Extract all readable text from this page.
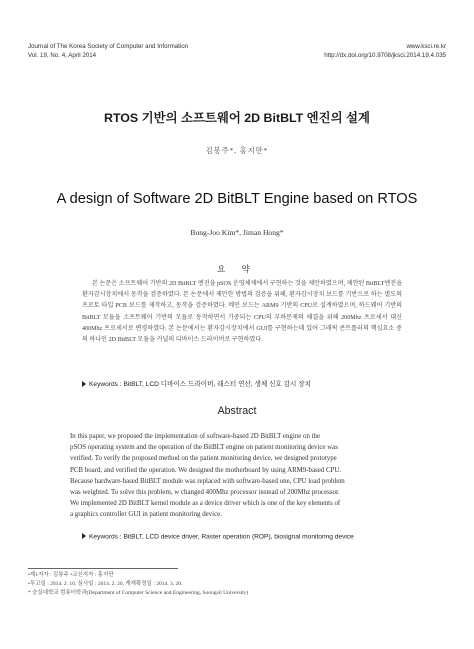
Journal of The Korea Society of Computer and Information
Vol. 19, No. 4, April 2014
www.ksci.re.kr
http://dx.doi.org/10.9708/jksci.2014.19.4.035
RTOS 기반의 소프트웨어 2D BitBLT 엔진의 설계
김봉주*, 홍지만*
A design of Software 2D BitBLT Engine based on RTOS
Bong-Joo Kim*, Jiman Hong*
요 약
본 논문은 소프트웨어 기반의 2D BitBLT 엔진을 pSOS 운영체제에서 구현하는 것을 제안하였으며, 제안된 BitBLT엔진을 환자감시장치에서 동작을 검증하였다. 본 논문에서 제안한 방법의 검증을 위해, 환자감시장치 보드를 기반으로 하는 별도의 프로토 타입 PCB 보드를 제작하고, 동작을 검증하였다. 메인 보드는 ARM9 기반의 CPU로 설계하였으며, 하드웨어 기반의 BitBLT 모듈을 소프트웨어 기반의 모듈로 동작하면서 가중되는 CPU의 부하문제의 해결을 위해 200Mhz 프로세서 대신 400Mhz 프로세서로 변경하였다. 본 논문에서는 환자감시장치에서 GUI를 구현하는데 있어 그래픽 콘트롤러의 핵심요소 중의 하나인 2D BitBLT 모듈을 커널의 디바이스 드라이버로 구현하였다.
Keywords : BitBLT, LCD 디바이스 드라이버, 래스터 연산, 생체 신호 감시 장치
Abstract
In this paper, we proposed the implementation of software-based 2D BitBLT engine on the
pSOS operating system and the operation of the BitBLT engine on patient monitoring device was
verified. To verify the proposed method on the patient monitoring device, we designed prototype
PCB board, and verified the operation. We designed the motherboard by using ARM9-based CPU.
Because hardware-based BitBLT module was replaced with software-based one, CPU load problem
was weighted. To solve this problem, w changed 400Mhz processor instead of 200Mhz processor.
We implemented 2D BitBLT kernel module as a device driver which is one of the key elements of
a graphics controller GUI in patient monitoring device.
Keywords : BitBLT, LCD device driver, Raster operation (ROP), biosignal monitoring device
•제1저자 : 김봉주 •교신저자 : 홍지만
•투고일 : 2014. 2. 10, 심사일 : 2014. 2. 20, 게재확정일 : 2014. 3. 20.
* 숭실대학교 컴퓨터학과(Department of Computer Science and Engineering, Soongsil University)
